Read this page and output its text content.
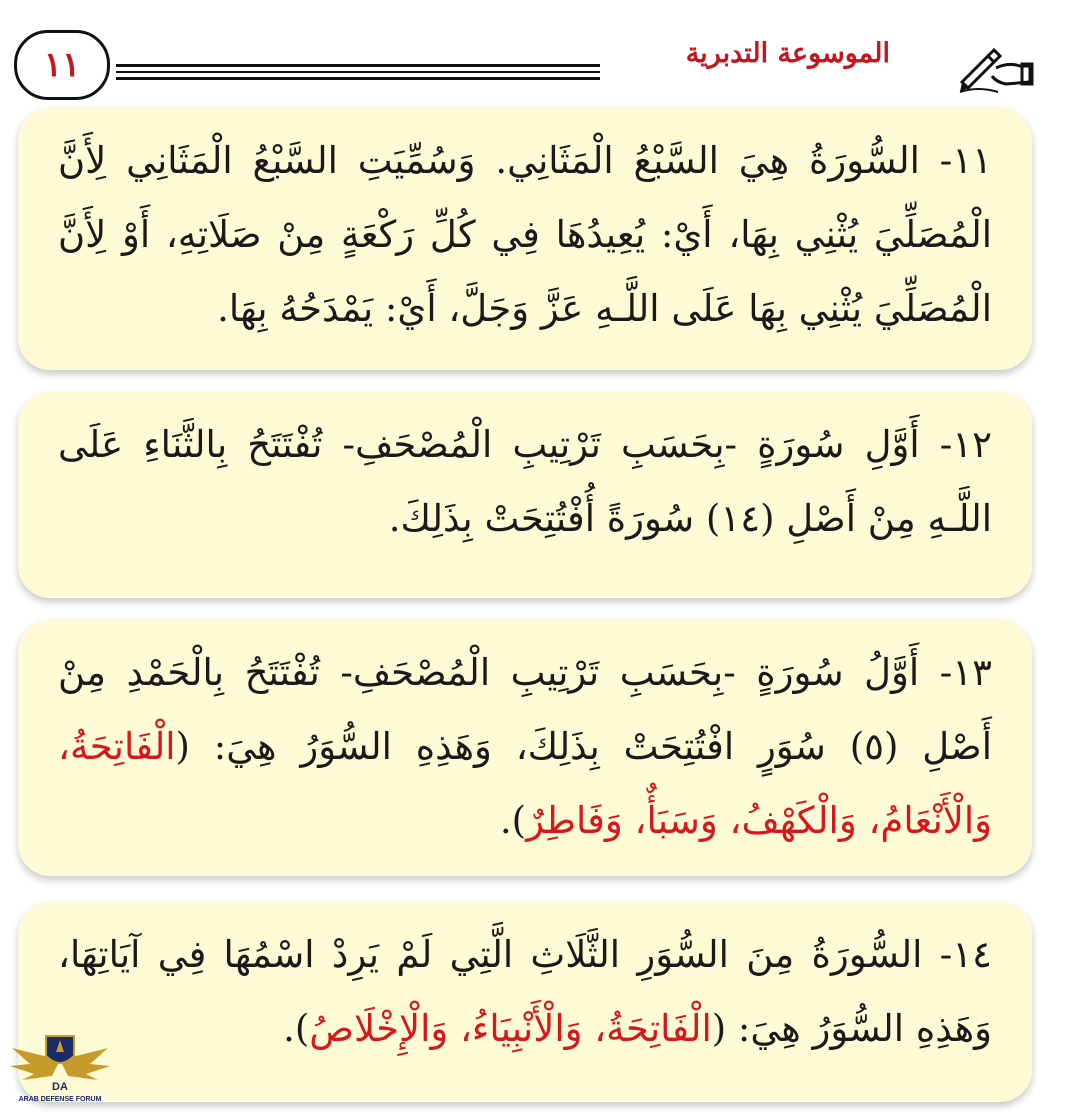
١١	الموسوعة التدبرية

١١- السُّورَةُ هِيَ السَّبْعُ الْمَثَانِي. وَسُمِّيَتِ السَّبْعُ الْمَثَانِي لِأَنَّ الْمُصَلِّيَ يُثْنِي بِهَا، أَيْ: يُعِيدُهَا فِي كُلِّ رَكْعَةٍ مِنْ صَلَاتِهِ، أَوْ لِأَنَّ الْمُصَلِّيَ يُثْنِي بِهَا عَلَى اللَّـهِ عَزَّ وَجَلَّ، أَيْ: يَمْدَحُهُ بِهَا.

١٢- أَوَّلِ سُورَةٍ -بِحَسَبِ تَرْتِيبِ الْمُصْحَفِ- تُفْتَتَحُ بِالثَّنَاءِ عَلَى اللَّـهِ مِنْ أَصْلِ (١٤) سُورَةً أُفْتُتِحَتْ بِذَلِكَ.

١٣- أَوَّلُ سُورَةٍ -بِحَسَبِ تَرْتِيبِ الْمُصْحَفِ- تُفْتَتَحُ بِالْحَمْدِ مِنْ أَصْلِ (٥) سُوَرٍ افْتُتِحَتْ بِذَلِكَ، وَهَذِهِ السُّوَرُ هِيَ: (الْفَاتِحَةُ، وَالْأَنْعَامُ، وَالْكَهْفُ، وَسَبَأٌ، وَفَاطِرٌ).

١٤- السُّورَةُ مِنَ السُّوَرِ الثَّلَاثِ الَّتِي لَمْ يَرِدْ اسْمُهَا فِي آيَاتِهَا، وَهَذِهِ السُّوَرُ هِيَ: (الْفَاتِحَةُ، وَالْأَنْبِيَاءُ، وَالْإِخْلَاصُ).

DA
ARAB DEFENSE FORUM
